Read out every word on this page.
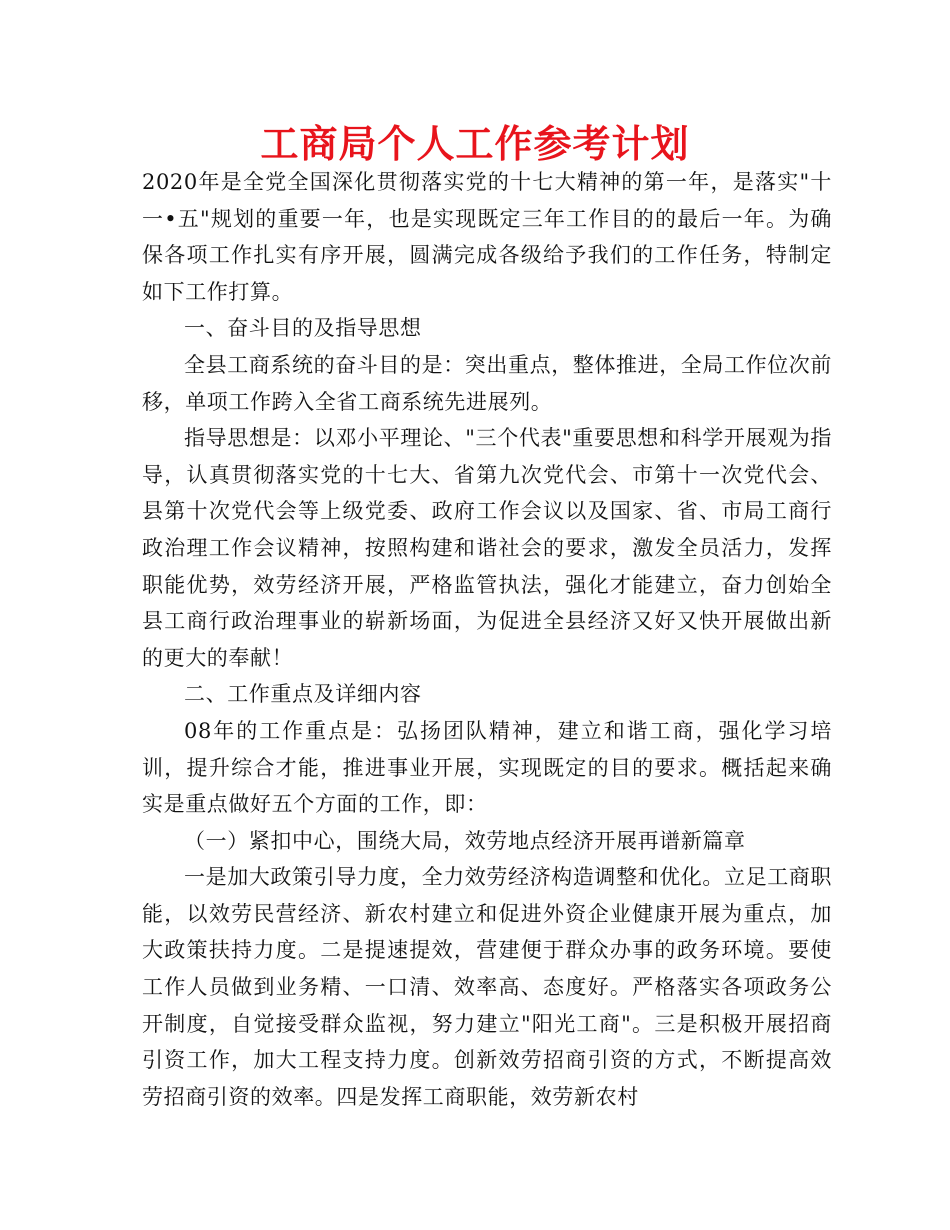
工商局个人工作参考计划

2020年是全党全国深化贯彻落实党的十七大精神的第一年，是落实"十一•五"规划的重要一年，也是实现既定三年工作目的的最后一年。为确保各项工作扎实有序开展，圆满完成各级给予我们的工作任务，特制定如下工作打算。

一、奋斗目的及指导思想

全县工商系统的奋斗目的是：突出重点，整体推进，全局工作位次前移，单项工作跨入全省工商系统先进展列。

指导思想是：以邓小平理论、"三个代表"重要思想和科学开展观为指导，认真贯彻落实党的十七大、省第九次党代会、市第十一次党代会、县第十次党代会等上级党委、政府工作会议以及国家、省、市局工商行政治理工作会议精神，按照构建和谐社会的要求，激发全员活力，发挥职能优势，效劳经济开展，严格监管执法，强化才能建立，奋力创始全县工商行政治理事业的崭新场面，为促进全县经济又好又快开展做出新的更大的奉献！

二、工作重点及详细内容

08年的工作重点是：弘扬团队精神，建立和谐工商，强化学习培训，提升综合才能，推进事业开展，实现既定的目的要求。概括起来确实是重点做好五个方面的工作，即：

（一）紧扣中心，围绕大局，效劳地点经济开展再谱新篇章

一是加大政策引导力度，全力效劳经济构造调整和优化。立足工商职能，以效劳民营经济、新农村建立和促进外资企业健康开展为重点，加大政策扶持力度。二是提速提效，营建便于群众办事的政务环境。要使工作人员做到业务精、一口清、效率高、态度好。严格落实各项政务公开制度，自觉接受群众监视，努力建立"阳光工商"。三是积极开展招商引资工作，加大工程支持力度。创新效劳招商引资的方式，不断提高效劳招商引资的效率。四是发挥工商职能，效劳新农村
